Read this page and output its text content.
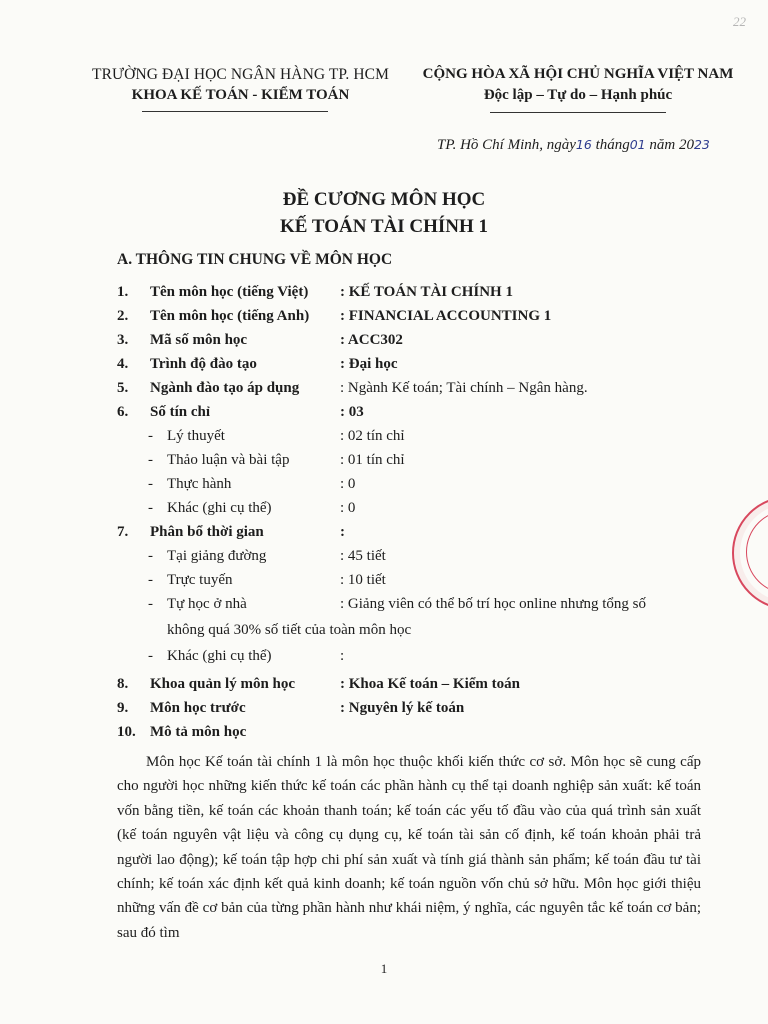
22
TRƯỜNG ĐẠI HỌC NGÂN HÀNG TP. HCM
KHOA KẾ TOÁN - KIỂM TOÁN
CỘNG HÒA XÃ HỘI CHỦ NGHĨA VIỆT NAM
Độc lập – Tự do – Hạnh phúc
TP. Hồ Chí Minh, ngày16 tháng01 năm 2023
ĐỀ CƯƠNG MÔN HỌC
KẾ TOÁN TÀI CHÍNH 1
A. THÔNG TIN CHUNG VỀ MÔN HỌC
1. Tên môn học (tiếng Việt) : KẾ TOÁN TÀI CHÍNH 1
2. Tên môn học (tiếng Anh) : FINANCIAL ACCOUNTING 1
3. Mã số môn học	: ACC302
4. Trình độ đào tạo	: Đại học
5. Ngành đào tạo áp dụng	: Ngành Kế toán; Tài chính – Ngân hàng.
6. Số tín chỉ	: 03
- Lý thuyết	: 02 tín chỉ
- Thảo luận và bài tập	: 01 tín chỉ
- Thực hành	: 0
- Khác (ghi cụ thể)	: 0
7. Phân bổ thời gian	:
- Tại giảng đường	: 45 tiết
- Trực tuyến	: 10 tiết
- Tự học ở nhà	: Giảng viên có thể bố trí học online nhưng tổng số
không quá 30% số tiết của toàn môn học
- Khác (ghi cụ thể)	:
8. Khoa quản lý môn học	: Khoa Kế toán – Kiểm toán
9. Môn học trước	: Nguyên lý kế toán
10. Mô tả môn học
Môn học Kế toán tài chính 1 là môn học thuộc khối kiến thức cơ sở. Môn học sẽ cung cấp cho người học những kiến thức kế toán các phần hành cụ thể tại doanh nghiệp sản xuất: kế toán vốn bằng tiền, kế toán các khoản thanh toán; kế toán các yếu tố đầu vào của quá trình sản xuất (kế toán nguyên vật liệu và công cụ dụng cụ, kế toán tài sản cố định, kế toán khoản phải trả người lao động); kế toán tập hợp chi phí sản xuất và tính giá thành sản phẩm; kế toán đầu tư tài chính; kế toán xác định kết quả kinh doanh; kế toán nguồn vốn chủ sở hữu. Môn học giới thiệu những vấn đề cơ bản của từng phần hành như khái niệm, ý nghĩa, các nguyên tắc kế toán cơ bản; sau đó tìm
1
